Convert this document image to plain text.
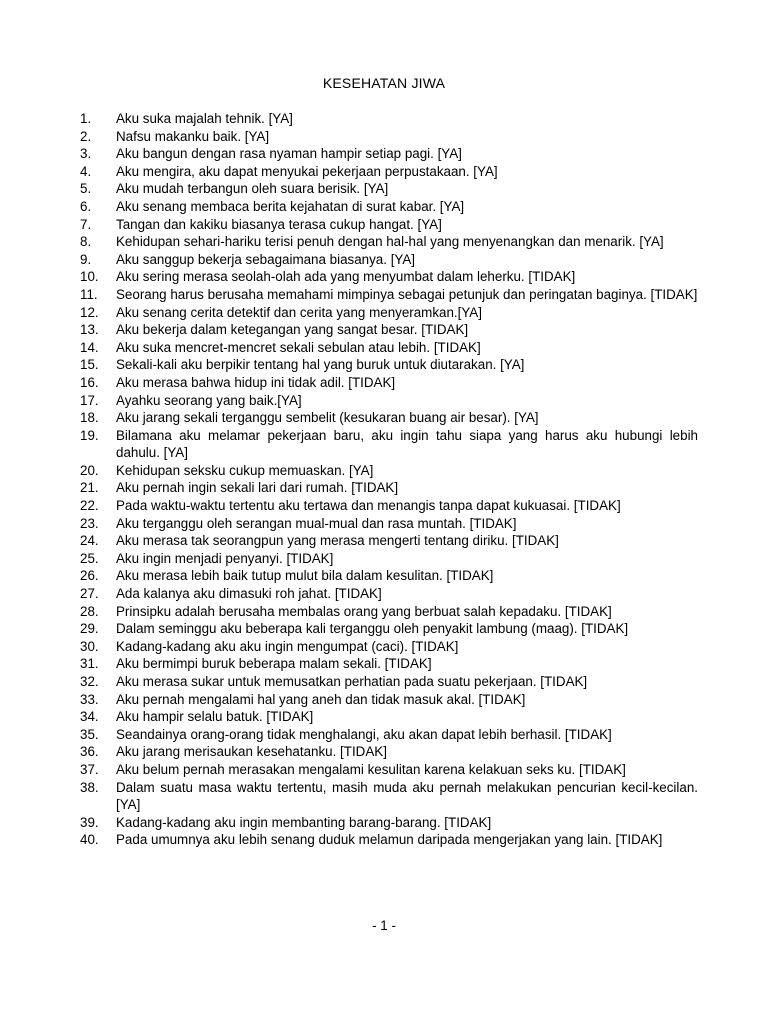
KESEHATAN JIWA
1.	Aku suka majalah tehnik. [YA]
2.	Nafsu makanku baik. [YA]
3.	Aku bangun dengan rasa nyaman hampir setiap pagi. [YA]
4.	Aku mengira, aku dapat menyukai pekerjaan perpustakaan. [YA]
5.	Aku mudah terbangun oleh suara berisik. [YA]
6.	Aku senang membaca berita kejahatan di surat kabar. [YA]
7.	Tangan dan kakiku biasanya terasa cukup hangat. [YA]
8.	Kehidupan sehari-hariku terisi penuh dengan hal-hal yang menyenangkan dan menarik. [YA]
9.	Aku sanggup bekerja sebagaimana biasanya. [YA]
10.	Aku sering merasa seolah-olah ada yang menyumbat dalam leherku. [TIDAK]
11.	Seorang harus berusaha memahami mimpinya sebagai petunjuk dan peringatan baginya. [TIDAK]
12.	Aku senang cerita detektif dan cerita yang menyeramkan.[YA]
13.	Aku bekerja dalam ketegangan yang sangat besar. [TIDAK]
14.	Aku suka mencret-mencret sekali sebulan atau lebih. [TIDAK]
15.	Sekali-kali aku berpikir tentang hal yang buruk untuk diutarakan. [YA]
16.	Aku merasa bahwa hidup ini tidak adil. [TIDAK]
17.	Ayahku seorang yang baik.[YA]
18.	Aku jarang sekali terganggu sembelit (kesukaran buang air besar). [YA]
19.	Bilamana aku melamar pekerjaan baru, aku ingin tahu siapa yang harus aku hubungi lebih dahulu. [YA]
20.	Kehidupan seksku cukup memuaskan. [YA]
21.	Aku pernah ingin sekali lari dari rumah. [TIDAK]
22.	Pada waktu-waktu tertentu aku tertawa dan menangis tanpa dapat kukuasai. [TIDAK]
23.	Aku terganggu oleh serangan mual-mual dan rasa muntah. [TIDAK]
24.	Aku merasa tak seorangpun yang merasa mengerti tentang diriku. [TIDAK]
25.	Aku ingin menjadi penyanyi. [TIDAK]
26.	Aku merasa lebih baik tutup mulut bila dalam kesulitan. [TIDAK]
27.	Ada kalanya aku dimasuki roh jahat. [TIDAK]
28.	Prinsipku adalah berusaha membalas orang yang berbuat salah kepadaku. [TIDAK]
29.	Dalam seminggu aku beberapa kali terganggu oleh penyakit lambung (maag). [TIDAK]
30.	Kadang-kadang aku aku ingin mengumpat (caci). [TIDAK]
31.	Aku bermimpi buruk beberapa malam sekali. [TIDAK]
32.	Aku merasa sukar untuk memusatkan perhatian pada suatu pekerjaan. [TIDAK]
33.	Aku pernah mengalami hal yang aneh dan tidak masuk akal. [TIDAK]
34.	Aku hampir selalu batuk. [TIDAK]
35.	Seandainya orang-orang tidak menghalangi, aku akan dapat lebih berhasil. [TIDAK]
36.	Aku jarang merisaukan kesehatanku. [TIDAK]
37.	Aku belum pernah merasakan mengalami kesulitan karena kelakuan seks ku. [TIDAK]
38.	Dalam suatu masa waktu tertentu, masih muda aku pernah melakukan pencurian kecil-kecilan.[YA]
39.	Kadang-kadang aku ingin membanting barang-barang. [TIDAK]
40.	Pada umumnya aku lebih senang duduk melamun daripada mengerjakan yang lain. [TIDAK]
- 1 -
